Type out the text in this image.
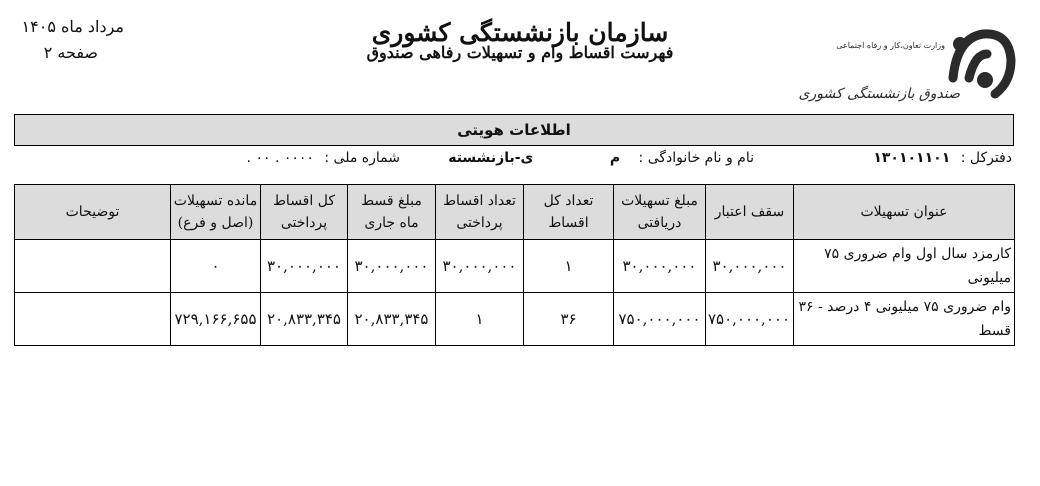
مرداد ماه ۱۴۰۵
صفحه ۲
سازمان بازنشستگی کشوری
فهرست اقساط وام و تسهیلات رفاهی صندوق	وزارت تعاون،کار و رفاه اجتماعی
صندوق بازنشستگی کشوری
اطلاعات هویتی
دفترکل : ۱۳۰۱۰۱۱۰۱
نام و نام خانوادگی : م ی-بازنشسته
شماره ملی : ۰۰۰۰ . ۰۰ .
عنوان تسهیلات	سقف اعتبار	مبلغ تسهیلات دریافتی	تعداد کل اقساط	تعداد اقساط پرداختی	مبلغ قسط ماه جاری	کل اقساط پرداختی	مانده تسهیلات (اصل و فرع)	توضیحات
کارمزد سال اول وام ضروری ۷۵ میلیونی	۳۰,۰۰۰,۰۰۰	۳۰,۰۰۰,۰۰۰	۱	۳۰,۰۰۰,۰۰۰	۳۰,۰۰۰,۰۰۰	۳۰,۰۰۰,۰۰۰	۰	
وام ضروری ۷۵ میلیونی ۴ درصد - ۳۶ قسط	۷۵۰,۰۰۰,۰۰۰	۷۵۰,۰۰۰,۰۰۰	۳۶	۱	۲۰,۸۳۳,۳۴۵	۲۰,۸۳۳,۳۴۵	۷۲۹,۱۶۶,۶۵۵	
